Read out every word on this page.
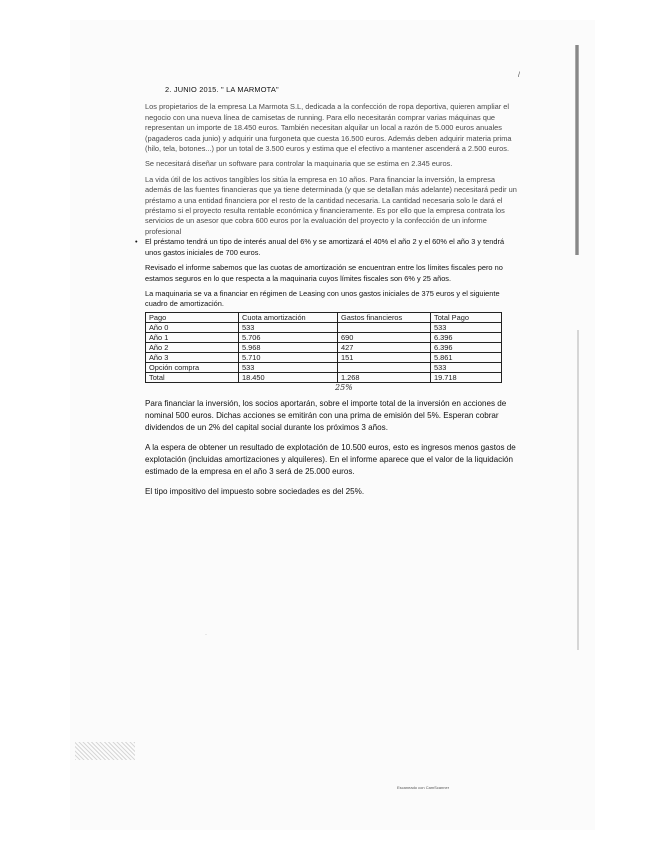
/

2. JUNIO 2015. " LA MARMOTA"

Los propietarios de la empresa La Marmota S.L, dedicada a la confección de ropa deportiva, quieren ampliar el negocio con una nueva línea de camisetas de running. Para ello necesitarán comprar varias máquinas que representan un importe de 18.450 euros. También necesitan alquilar un local a razón de 5.000 euros anuales (pagaderos cada junio) y adquirir una furgoneta que cuesta 16.500 euros. Además deben adquirir materia prima (hilo, tela, botones...) por un total de 3.500 euros y estima que el efectivo a mantener ascenderá a 2.500 euros.

Se necesitará diseñar un software para controlar la maquinaria que se estima en 2.345 euros.

La vida útil de los activos tangibles los sitúa la empresa en 10 años. Para financiar la inversión, la empresa además de las fuentes financieras que ya tiene determinada (y que se detallan más adelante) necesitará pedir un préstamo a una entidad financiera por el resto de la cantidad necesaria. La cantidad necesaria solo le dará el préstamo si el proyecto resulta rentable económica y financieramente. Es por ello que la empresa contrata los servicios de un asesor que cobra 600 euros por la evaluación del proyecto y la confección de un informe profesional

• El préstamo tendrá un tipo de interés anual del 6% y se amortizará el 40% el año 2 y el 60% el año 3 y tendrá unos gastos iniciales de 700 euros.

Revisado el informe sabemos que las cuotas de amortización se encuentran entre los límites fiscales pero no estamos seguros en lo que respecta a la maquinaria cuyos límites fiscales son 6% y 25 años.

La maquinaria se va a financiar en régimen de Leasing con unos gastos iniciales de 375 euros y el siguiente cuadro de amortización.

Pago	Cuota amortización	Gastos financieros	Total Pago
Año 0	533		533
Año 1	5.706	690	6.396
Año 2	5.968	427	6.396
Año 3	5.710	151	5.861
Opción compra	533		533
Total	18.450	1.268	19.718
25%

Para financiar la inversión, los socios aportarán, sobre el importe total de la inversión en acciones de nominal 500 euros. Dichas acciones se emitirán con una prima de emisión del 5%. Esperan cobrar dividendos de un 2% del capital social durante los próximos 3 años.

A la espera de obtener un resultado de explotación de 10.500 euros, esto es ingresos menos gastos de explotación (incluidas amortizaciones y alquileres). En el informe aparece que el valor de la liquidación estimado de la empresa en el año 3 será de 25.000 euros.

El tipo impositivo del impuesto sobre sociedades es del 25%.

·
Escaneado con CamScanner
